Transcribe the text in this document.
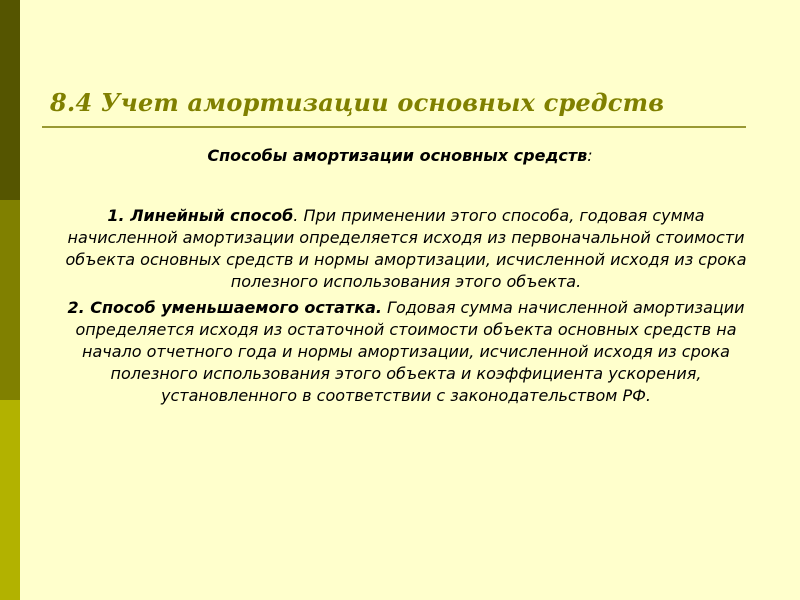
8.4 Учет амортизации основных средств
Способы амортизации основных средств:

1. Линейный способ. При применении этого способа, годовая сумма начисленной амортизации определяется исходя из первоначальной стоимости объекта основных средств и нормы амортизации, исчисленной исходя из срока полезного использования этого объекта.

2. Способ уменьшаемого остатка. Годовая сумма начисленной амортизации определяется исходя из остаточной стоимости объекта основных средств на начало отчетного года и нормы амортизации, исчисленной исходя из срока полезного использования этого объекта и коэффициента ускорения, установленного в соответствии с законодательством РФ.
